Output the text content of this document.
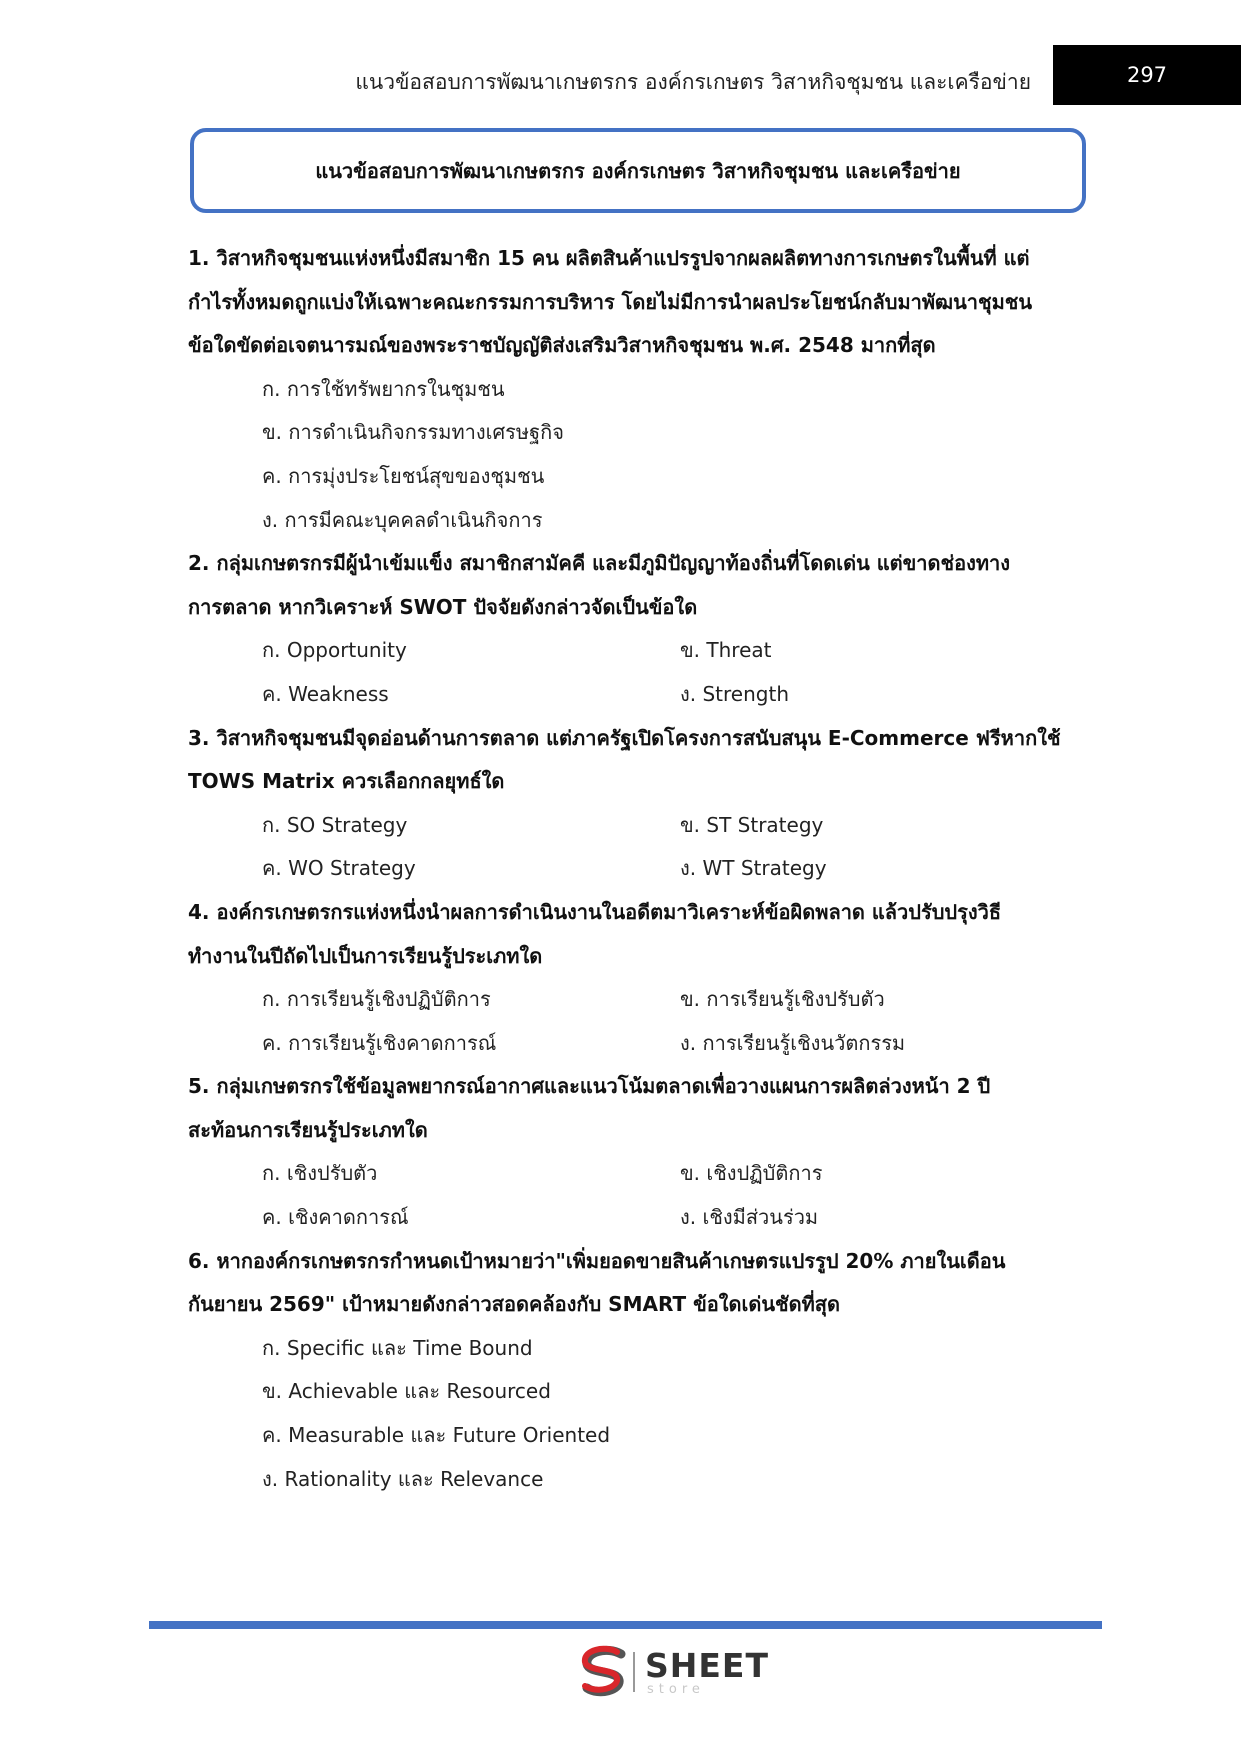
แนวข้อสอบการพัฒนาเกษตรกร องค์กรเกษตร วิสาหกิจชุมชน และเครือข่าย	297
แนวข้อสอบการพัฒนาเกษตรกร องค์กรเกษตร วิสาหกิจชุมชน และเครือข่าย
1. วิสาหกิจชุมชนแห่งหนึ่งมีสมาชิก 15 คน ผลิตสินค้าแปรรูปจากผลผลิตทางการเกษตรในพื้นที่ แต่
กำไรทั้งหมดถูกแบ่งให้เฉพาะคณะกรรมการบริหาร โดยไม่มีการนำผลประโยชน์กลับมาพัฒนาชุมชน
ข้อใดขัดต่อเจตนารมณ์ของพระราชบัญญัติส่งเสริมวิสาหกิจชุมชน พ.ศ. 2548 มากที่สุด
ก. การใช้ทรัพยากรในชุมชน
ข. การดำเนินกิจกรรมทางเศรษฐกิจ
ค. การมุ่งประโยชน์สุขของชุมชน
ง. การมีคณะบุคคลดำเนินกิจการ
2. กลุ่มเกษตรกรมีผู้นำเข้มแข็ง สมาชิกสามัคคี และมีภูมิปัญญาท้องถิ่นที่โดดเด่น แต่ขาดช่องทาง
การตลาด หากวิเคราะห์ SWOT ปัจจัยดังกล่าวจัดเป็นข้อใด
ก. Opportunity	ข. Threat
ค. Weakness	ง. Strength
3. วิสาหกิจชุมชนมีจุดอ่อนด้านการตลาด แต่ภาครัฐเปิดโครงการสนับสนุน E-Commerce ฟรีหากใช้
TOWS Matrix ควรเลือกกลยุทธ์ใด
ก. SO Strategy	ข. ST Strategy
ค. WO Strategy	ง. WT Strategy
4. องค์กรเกษตรกรแห่งหนึ่งนำผลการดำเนินงานในอดีตมาวิเคราะห์ข้อผิดพลาด แล้วปรับปรุงวิธี
ทำงานในปีถัดไปเป็นการเรียนรู้ประเภทใด
ก. การเรียนรู้เชิงปฏิบัติการ	ข. การเรียนรู้เชิงปรับตัว
ค. การเรียนรู้เชิงคาดการณ์	ง. การเรียนรู้เชิงนวัตกรรม
5. กลุ่มเกษตรกรใช้ข้อมูลพยากรณ์อากาศและแนวโน้มตลาดเพื่อวางแผนการผลิตล่วงหน้า 2 ปี
สะท้อนการเรียนรู้ประเภทใด
ก. เชิงปรับตัว	ข. เชิงปฏิบัติการ
ค. เชิงคาดการณ์	ง. เชิงมีส่วนร่วม
6. หากองค์กรเกษตรกรกำหนดเป้าหมายว่า"เพิ่มยอดขายสินค้าเกษตรแปรรูป 20% ภายในเดือน
กันยายน 2569" เป้าหมายดังกล่าวสอดคล้องกับ SMART ข้อใดเด่นชัดที่สุด
ก. Specific และ Time Bound
ข. Achievable และ Resourced
ค. Measurable และ Future Oriented
ง. Rationality และ Relevance
SHEET
store
